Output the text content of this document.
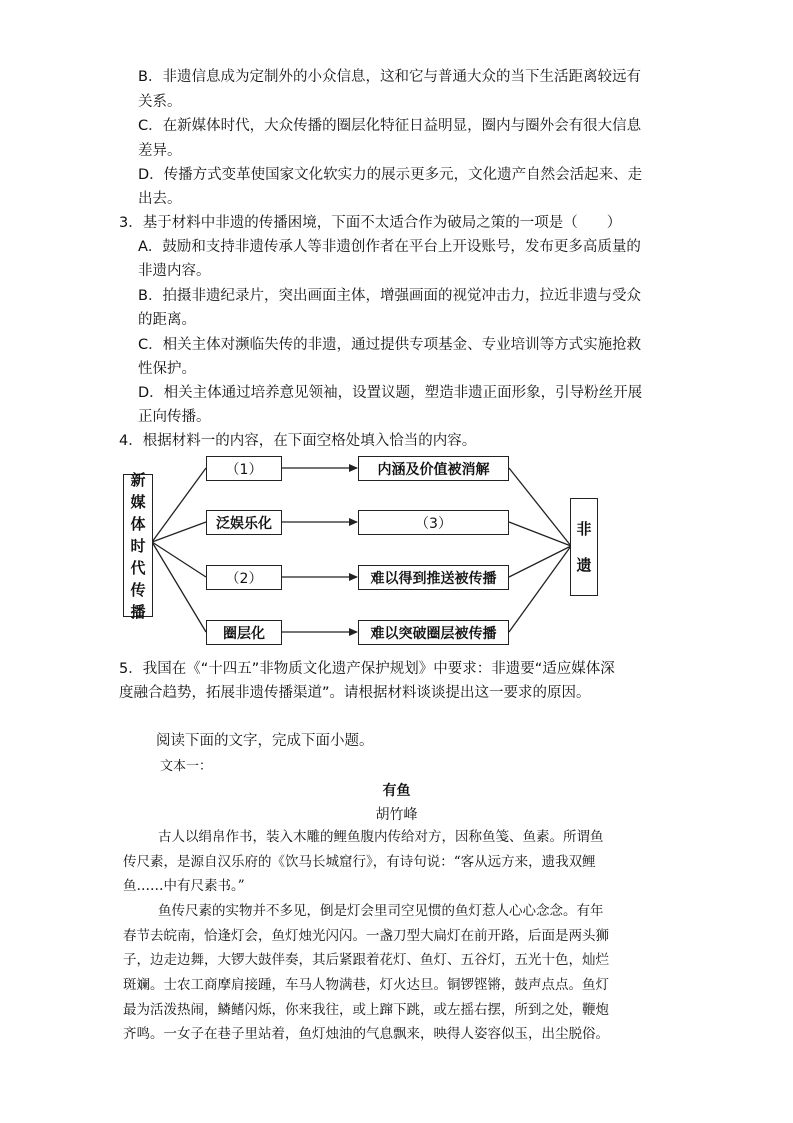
B．非遗信息成为定制外的小众信息，这和它与普通大众的当下生活距离较远有
关系。
C．在新媒体时代，大众传播的圈层化特征日益明显，圈内与圈外会有很大信息
差异。
D．传播方式变革使国家文化软实力的展示更多元，文化遗产自然会活起来、走
出去。
3．基于材料中非遗的传播困境，下面不太适合作为破局之策的一项是（　　）
A．鼓励和支持非遗传承人等非遗创作者在平台上开设账号，发布更多高质量的
非遗内容。
B．拍摄非遗纪录片，突出画面主体，增强画面的视觉冲击力，拉近非遗与受众
的距离。
C．相关主体对濒临失传的非遗，通过提供专项基金、专业培训等方式实施抢救
性保护。
D．相关主体通过培养意见领袖，设置议题，塑造非遗正面形象，引导粉丝开展
正向传播。
4．根据材料一的内容，在下面空格处填入恰当的内容。
新
媒
体
时
代
传
播
（1）
泛娱乐化
（2）
圈层化
内涵及价值被消解
（3）
难以得到推送被传播
难以突破圈层被传播
非
遗
5．我国在《“十四五”非物质文化遗产保护规划》中要求：非遗要“适应媒体深
度融合趋势，拓展非遗传播渠道”。请根据材料谈谈提出这一要求的原因。
阅读下面的文字，完成下面小题。
文本一：
有鱼
胡竹峰
古人以绢帛作书，装入木雕的鲤鱼腹内传给对方，因称鱼笺、鱼素。所谓鱼
传尺素，是源自汉乐府的《饮马长城窟行》，有诗句说：“客从远方来，遗我双鲤
鱼……中有尺素书。”
鱼传尺素的实物并不多见，倒是灯会里司空见惯的鱼灯惹人心心念念。有年
春节去皖南，恰逢灯会，鱼灯烛光闪闪。一盏刀型大扁灯在前开路，后面是两头狮
子，边走边舞，大锣大鼓伴奏，其后紧跟着花灯、鱼灯、五谷灯，五光十色，灿烂
斑斓。士农工商摩肩接踵，车马人物满巷，灯火达旦。铜锣铿锵，鼓声点点。鱼灯
最为活泼热闹，鳞鳍闪烁，你来我往，或上蹿下跳，或左摇右摆，所到之处，鞭炮
齐鸣。一女子在巷子里站着，鱼灯烛油的气息飘来，映得人姿容似玉，出尘脱俗。
